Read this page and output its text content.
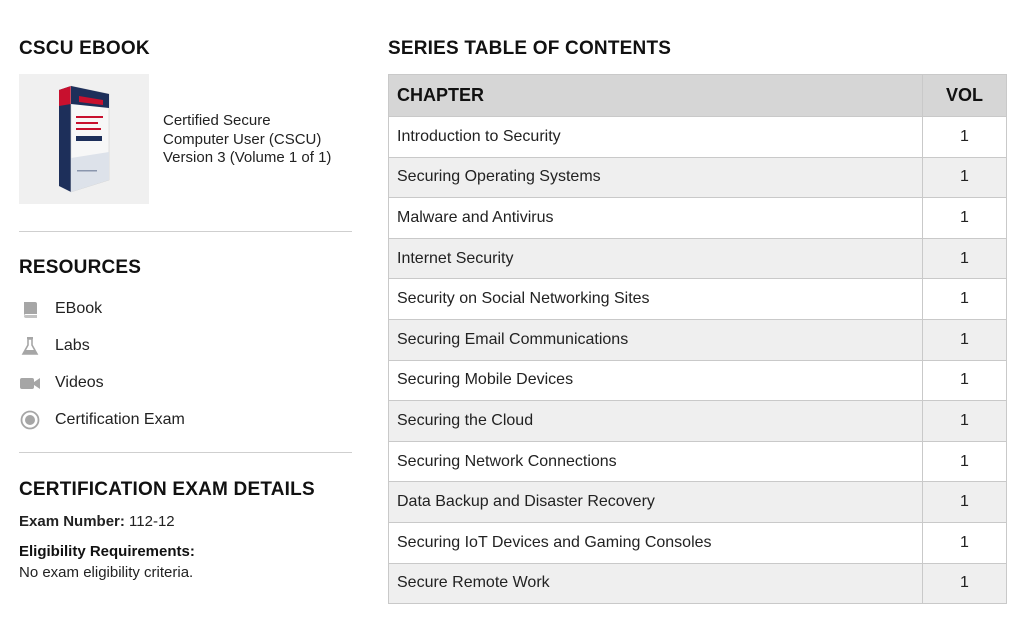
CSCU EBOOK
Certified Secure
Computer User (CSCU)
Version 3 (Volume 1 of 1)
RESOURCES
EBook
Labs
Videos
Certification Exam
CERTIFICATION EXAM DETAILS
Exam Number: 112-12
Eligibility Requirements:
No exam eligibility criteria.
SERIES TABLE OF CONTENTS
CHAPTER	VOL
Introduction to Security	1
Securing Operating Systems	1
Malware and Antivirus	1
Internet Security	1
Security on Social Networking Sites	1
Securing Email Communications	1
Securing Mobile Devices	1
Securing the Cloud	1
Securing Network Connections	1
Data Backup and Disaster Recovery	1
Securing IoT Devices and Gaming Consoles	1
Secure Remote Work	1
